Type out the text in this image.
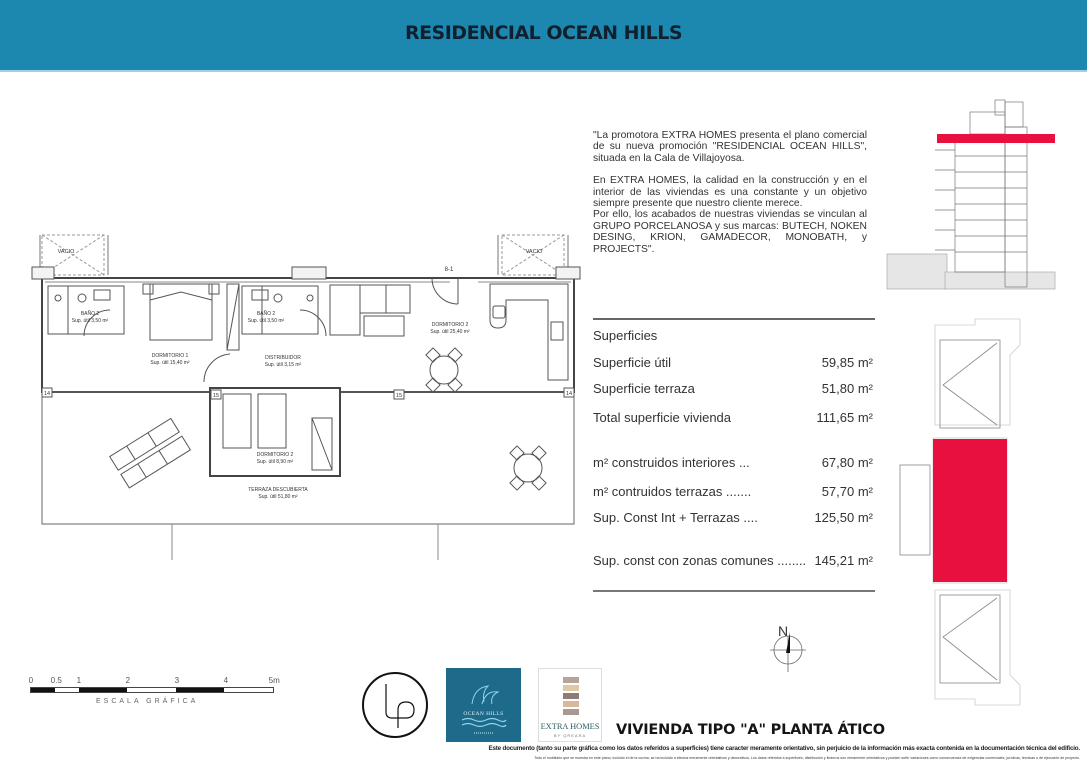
RESIDENCIAL OCEAN HILLS
VACIO	VACIO
8-1
BAÑO 2
Sup. útil 3,50 m²
BAÑO 2
Sup. útil 3,50 m²
DORMITORIO 1
Sup. útil 15,40 m²
DISTRIBUIDOR
Sup. útil 3,15 m²
DORMITORIO 2
Sup. útil 25,40 m²
DORMITORIO 2
Sup. útil 8,90 m²
TERRAZA DESCUBIERTA
Sup. útil 51,80 m²
14	15	15	14

"La promotora EXTRA HOMES presenta el plano comercial de su nueva promoción "RESIDENCIAL OCEAN HILLS", situada en la Cala de Villajoyosa.

En EXTRA HOMES, la calidad en la construcción y en el interior de las viviendas es una constante y un objetivo siempre presente que nuestro cliente merece.

Por ello, los acabados de nuestras viviendas se vinculan al GRUPO PORCELANOSA y sus marcas: BUTECH, NOKEN DESING, KRION, GAMADECOR, MONOBATH, y PROJECTS".

Superficies
Superficie útil	59,85 m²
Superficie terraza	51,80 m²
Total superficie vivienda	111,65 m²
m² construidos interiores ...	67,80 m²
m² contruidos terrazas .......	57,70 m²
Sup. Const Int + Terrazas ....	125,50 m²
Sup. const con zonas comunes ........ 145,21 m²
0 0.5 1	2	3	4	5m
ESCALA GRÁFICA
OCEAN HILLS
EXTRA HOMES
BY QREARA
N
VIVIENDA TIPO "A" PLANTA ÁTICO
Este documento (tanto su parte gráfica como los datos referidos a superficies) tiene caracter meramente orientativo, sin perjuicio de la información más exacta contenida en la documentación técnica del edificio.
Todo el mobiliario que se muestra en este plano, incluido el de la cocina, se ha incluido a efectos meramente orientativos y decorativos. Los datos referidos a superficies, distribución y linderos son meramente orientativos y pueden sufrir variaciones como consecuencia de exigencias comerciales, jurídicas, técnicas o de ejecución de proyecto.
